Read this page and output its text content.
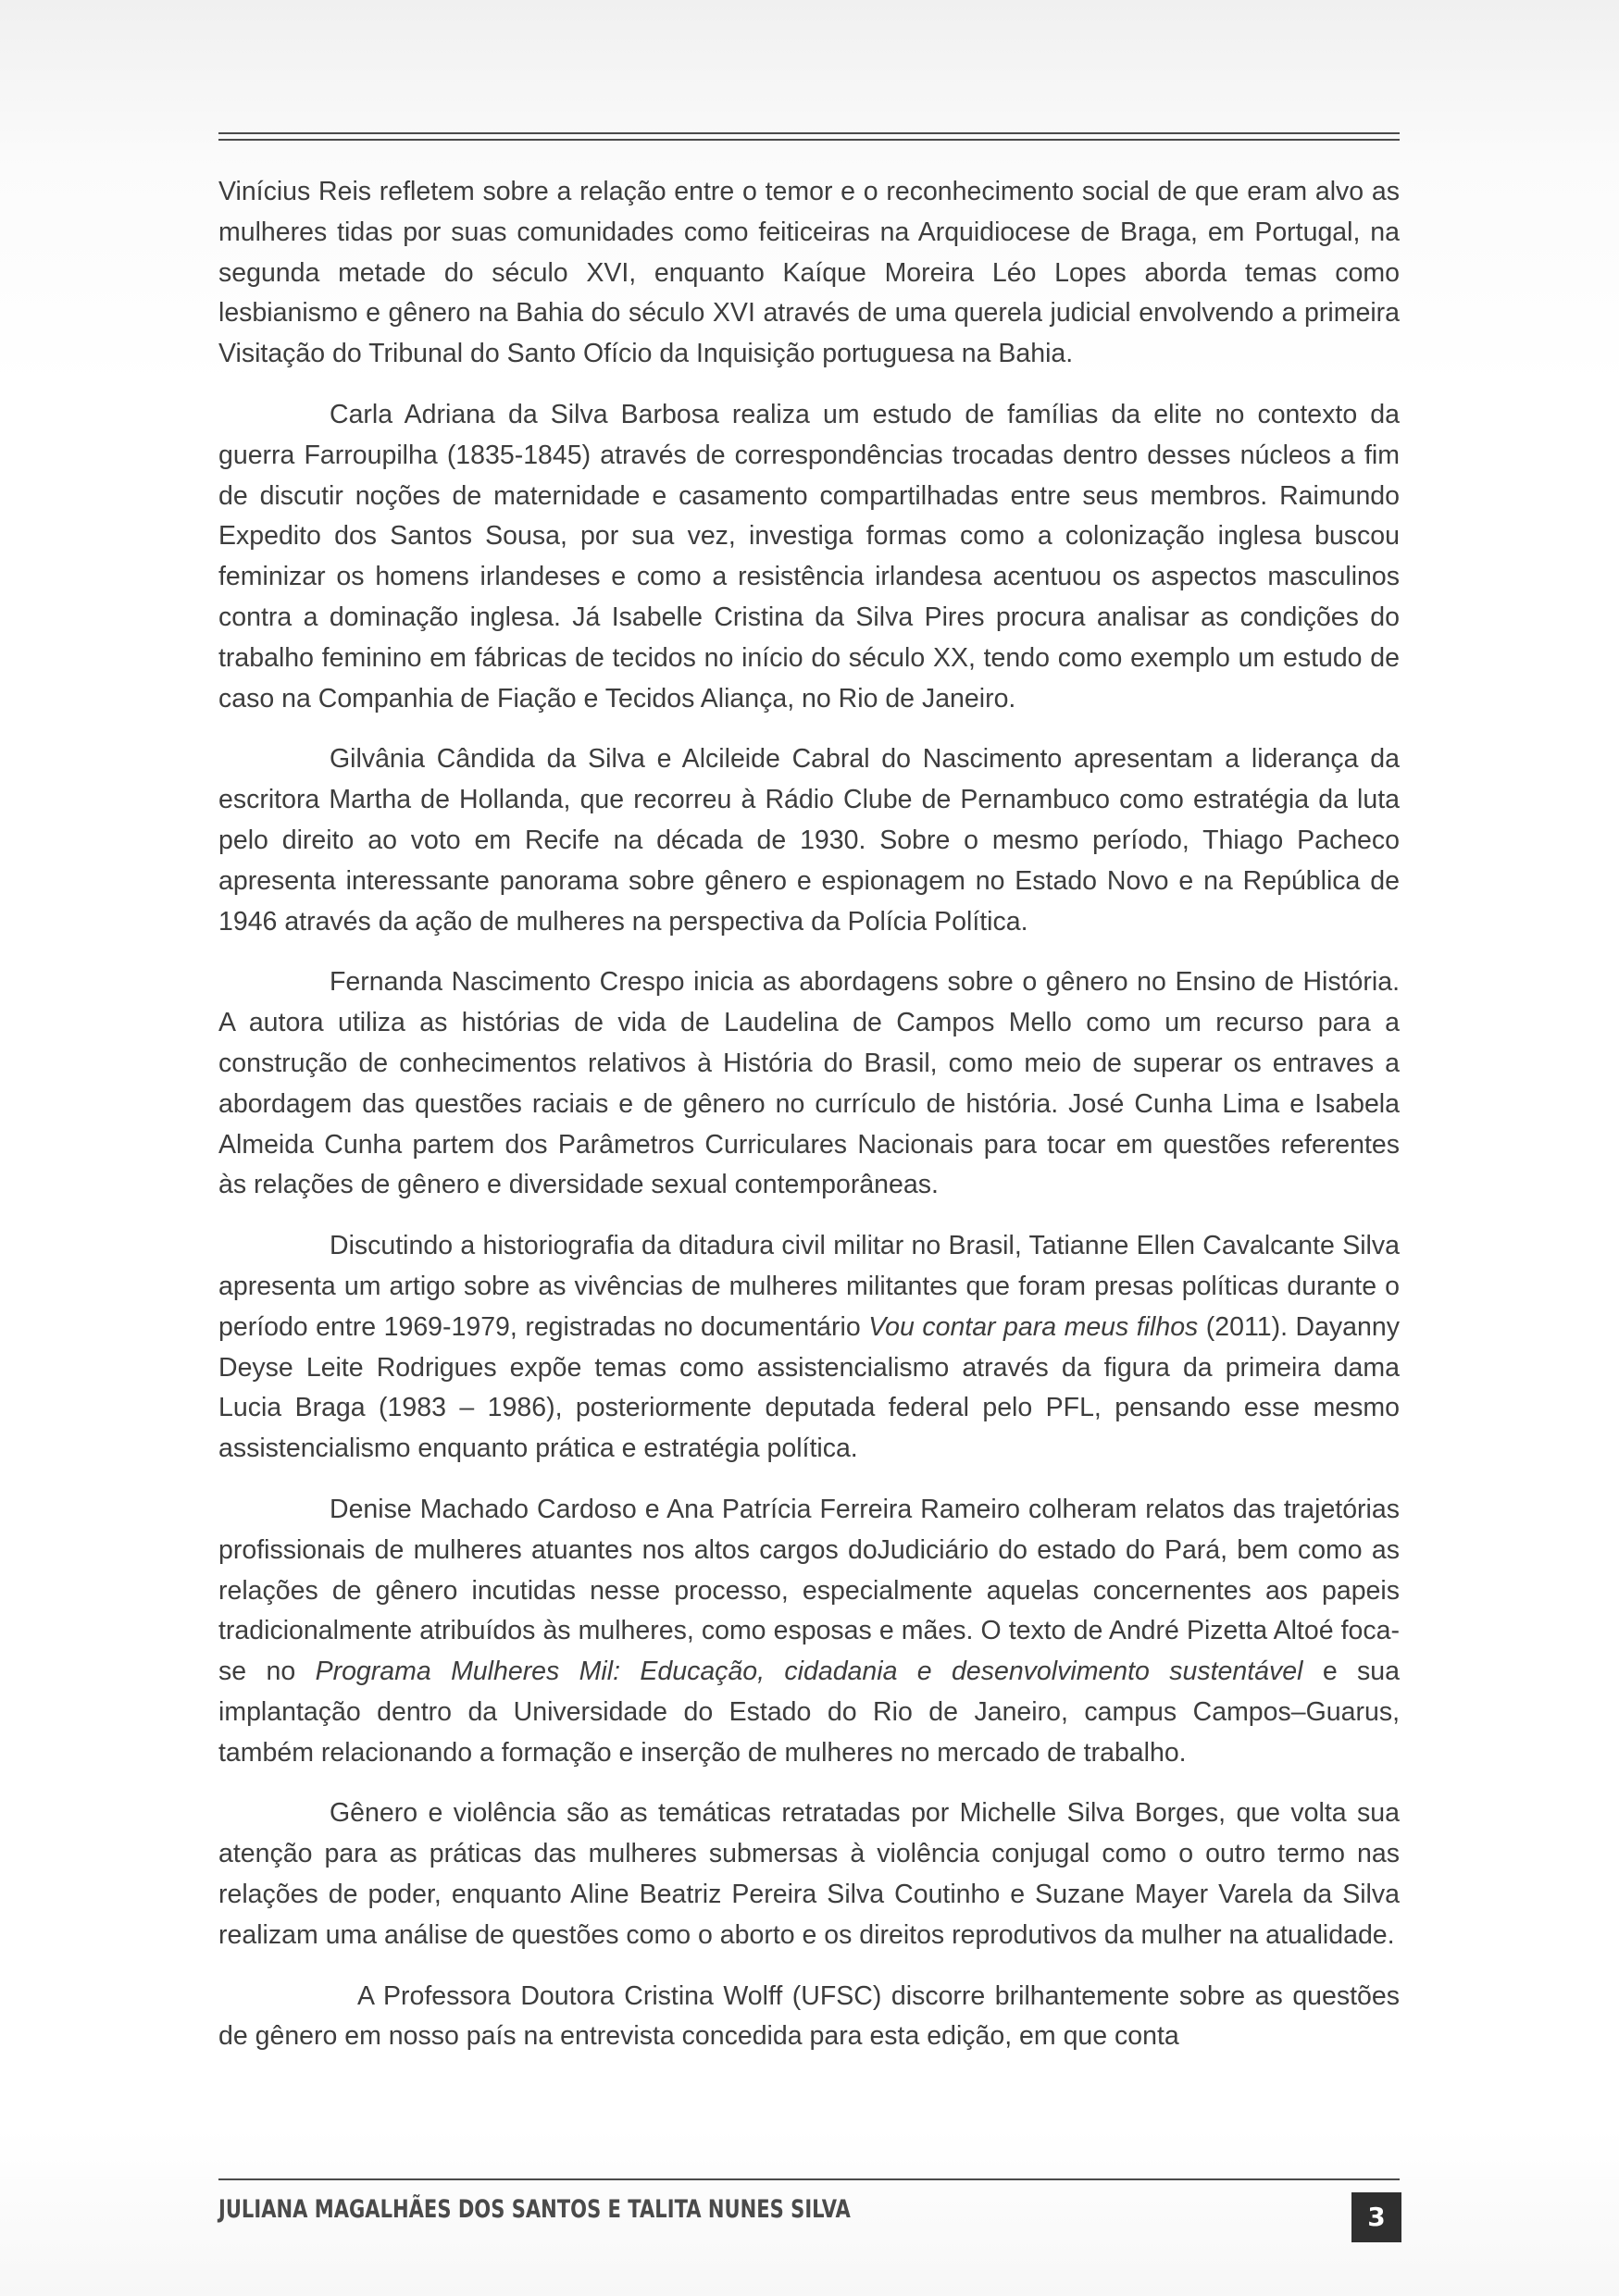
Vinícius Reis refletem sobre a relação entre o temor e o reconhecimento social de que eram alvo as mulheres tidas por suas comunidades como feiticeiras na Arquidiocese de Braga, em Portugal, na segunda metade do século XVI, enquanto Kaíque Moreira Léo Lopes aborda temas como lesbianismo e gênero na Bahia do século XVI através de uma querela judicial envolvendo a primeira Visitação do Tribunal do Santo Ofício da Inquisição portuguesa na Bahia.

Carla Adriana da Silva Barbosa realiza um estudo de famílias da elite no contexto da guerra Farroupilha (1835-1845) através de correspondências trocadas dentro desses núcleos a fim de discutir noções de maternidade e casamento compartilhadas entre seus membros. Raimundo Expedito dos Santos Sousa, por sua vez, investiga formas como a colonização inglesa buscou feminizar os homens irlandeses e como a resistência irlandesa acentuou os aspectos masculinos contra a dominação inglesa. Já Isabelle Cristina da Silva Pires procura analisar as condições do trabalho feminino em fábricas de tecidos no início do século XX, tendo como exemplo um estudo de caso na Companhia de Fiação e Tecidos Aliança, no Rio de Janeiro.

Gilvânia Cândida da Silva e Alcileide Cabral do Nascimento apresentam a liderança da escritora Martha de Hollanda, que recorreu à Rádio Clube de Pernambuco como estratégia da luta pelo direito ao voto em Recife na década de 1930. Sobre o mesmo período, Thiago Pacheco apresenta interessante panorama sobre gênero e espionagem no Estado Novo e na República de 1946 através da ação de mulheres na perspectiva da Polícia Política.

Fernanda Nascimento Crespo inicia as abordagens sobre o gênero no Ensino de História. A autora utiliza as histórias de vida de Laudelina de Campos Mello como um recurso para a construção de conhecimentos relativos à História do Brasil, como meio de superar os entraves a abordagem das questões raciais e de gênero no currículo de história. José Cunha Lima e Isabela Almeida Cunha partem dos Parâmetros Curriculares Nacionais para tocar em questões referentes às relações de gênero e diversidade sexual contemporâneas.

Discutindo a historiografia da ditadura civil militar no Brasil, Tatianne Ellen Cavalcante Silva apresenta um artigo sobre as vivências de mulheres militantes que foram presas políticas durante o período entre 1969-1979, registradas no documentário Vou contar para meus filhos (2011). Dayanny Deyse Leite Rodrigues expõe temas como assistencialismo através da figura da primeira dama Lucia Braga (1983 – 1986), posteriormente deputada federal pelo PFL, pensando esse mesmo assistencialismo enquanto prática e estratégia política.

Denise Machado Cardoso e Ana Patrícia Ferreira Rameiro colheram relatos das trajetórias profissionais de mulheres atuantes nos altos cargos doJudiciário do estado do Pará, bem como as relações de gênero incutidas nesse processo, especialmente aquelas concernentes aos papeis tradicionalmente atribuídos às mulheres, como esposas e mães. O texto de André Pizetta Altoé foca-se no Programa Mulheres Mil: Educação, cidadania e desenvolvimento sustentável e sua implantação dentro da Universidade do Estado do Rio de Janeiro, campus Campos–Guarus, também relacionando a formação e inserção de mulheres no mercado de trabalho.

Gênero e violência são as temáticas retratadas por Michelle Silva Borges, que volta sua atenção para as práticas das mulheres submersas à violência conjugal como o outro termo nas relações de poder, enquanto Aline Beatriz Pereira Silva Coutinho e Suzane Mayer Varela da Silva realizam uma análise de questões como o aborto e os direitos reprodutivos da mulher na atualidade.

A Professora Doutora Cristina Wolff (UFSC) discorre brilhantemente sobre as questões de gênero em nosso país na entrevista concedida para esta edição, em que conta

JULIANA MAGALHÃES DOS SANTOS E TALITA NUNES SILVA	3
